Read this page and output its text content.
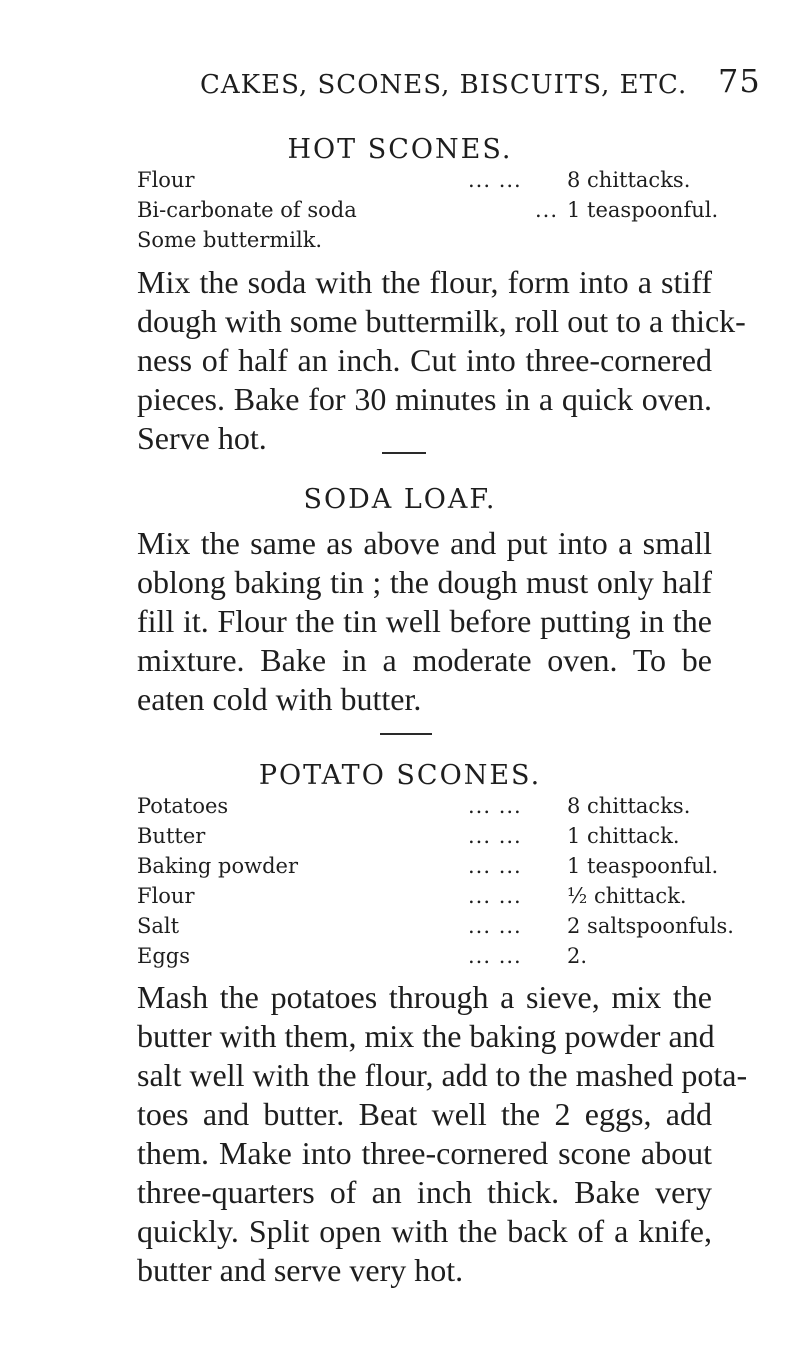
CAKES, SCONES, BISCUITS, ETC. 75
HOT SCONES.
Flour	... ... 8 chittacks.
Bi-carbonate of soda	... 1 teaspoonful.
Some buttermilk.
Mix the soda with the flour, form into a stiff
dough with some buttermilk, roll out to a thick-
ness of half an inch. Cut into three-cornered
pieces. Bake for 30 minutes in a quick oven.
Serve hot.
SODA LOAF.
Mix the same as above and put into a small
oblong baking tin ; the dough must only half
fill it. Flour the tin well before putting in the
mixture. Bake in a moderate oven. To be
eaten cold with butter.
POTATO SCONES.
Potatoes	... ... 8 chittacks.
Butter	... ... 1 chittack.
Baking powder	... ... 1 teaspoonful.
Flour	... ... ½ chittack.
Salt	... ... 2 saltspoonfuls.
Eggs	... ... 2.
Mash the potatoes through a sieve, mix the
butter with them, mix the baking powder and
salt well with the flour, add to the mashed pota-
toes and butter. Beat well the 2 eggs, add
them. Make into three-cornered scone about
three-quarters of an inch thick. Bake very
quickly. Split open with the back of a knife,
butter and serve very hot.
